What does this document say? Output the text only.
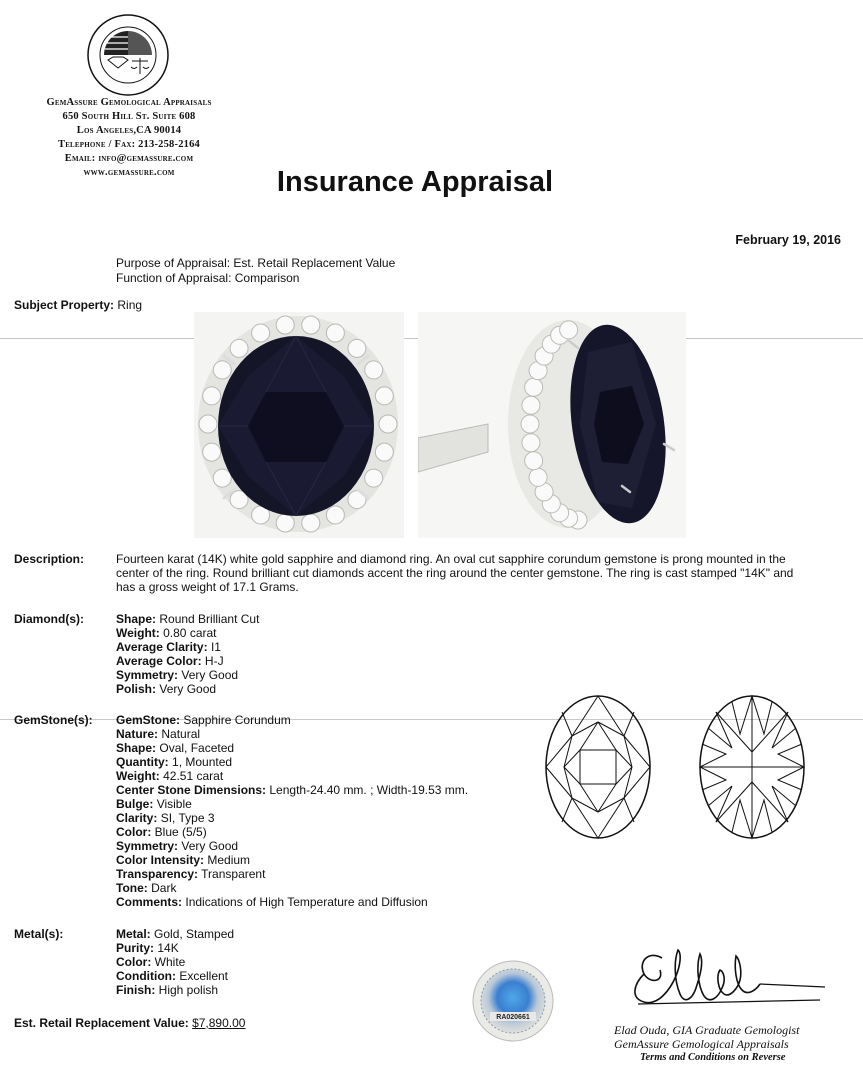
GemAssure Gemological Appraisals
650 South Hill St. Suite 608
Los Angeles,CA 90014
Telephone / Fax: 213-258-2164
Email: info@gemassure.com
www.gemassure.com	Insurance Appraisal
February 19, 2016
Purpose of Appraisal: Est. Retail Replacement Value
Function of Appraisal: Comparison
Subject Property: Ring
Description:	Fourteen karat (14K) white gold sapphire and diamond ring. An oval cut sapphire corundum gemstone is prong mounted in the center of the ring. Round brilliant cut diamonds accent the ring around the center gemstone. The ring is cast stamped "14K" and has a gross weight of 17.1 Grams.
Diamond(s):	Shape: Round Brilliant Cut
Weight: 0.80 carat
Average Clarity: I1
Average Color: H-J
Symmetry: Very Good
Polish: Very Good
GemStone(s): GemStone: Sapphire Corundum
Nature: Natural
Shape: Oval, Faceted
Quantity: 1, Mounted
Weight: 42.51 carat
Center Stone Dimensions: Length-24.40 mm. ; Width-19.53 mm.
Bulge: Visible
Clarity: SI, Type 3
Color: Blue (5/5)
Symmetry: Very Good
Color Intensity: Medium
Transparency: Transparent
Tone: Dark
Comments: Indications of High Temperature and Diffusion
Metal(s):	Metal: Gold, Stamped
Purity: 14K
Color: White
Condition: Excellent
Finish: High polish
Est. Retail Replacement Value: $7,890.00	RA020661
Elad Ouda, GIA Graduate Gemologist
GemAssure Gemological Appraisals
Terms and Conditions on Reverse
